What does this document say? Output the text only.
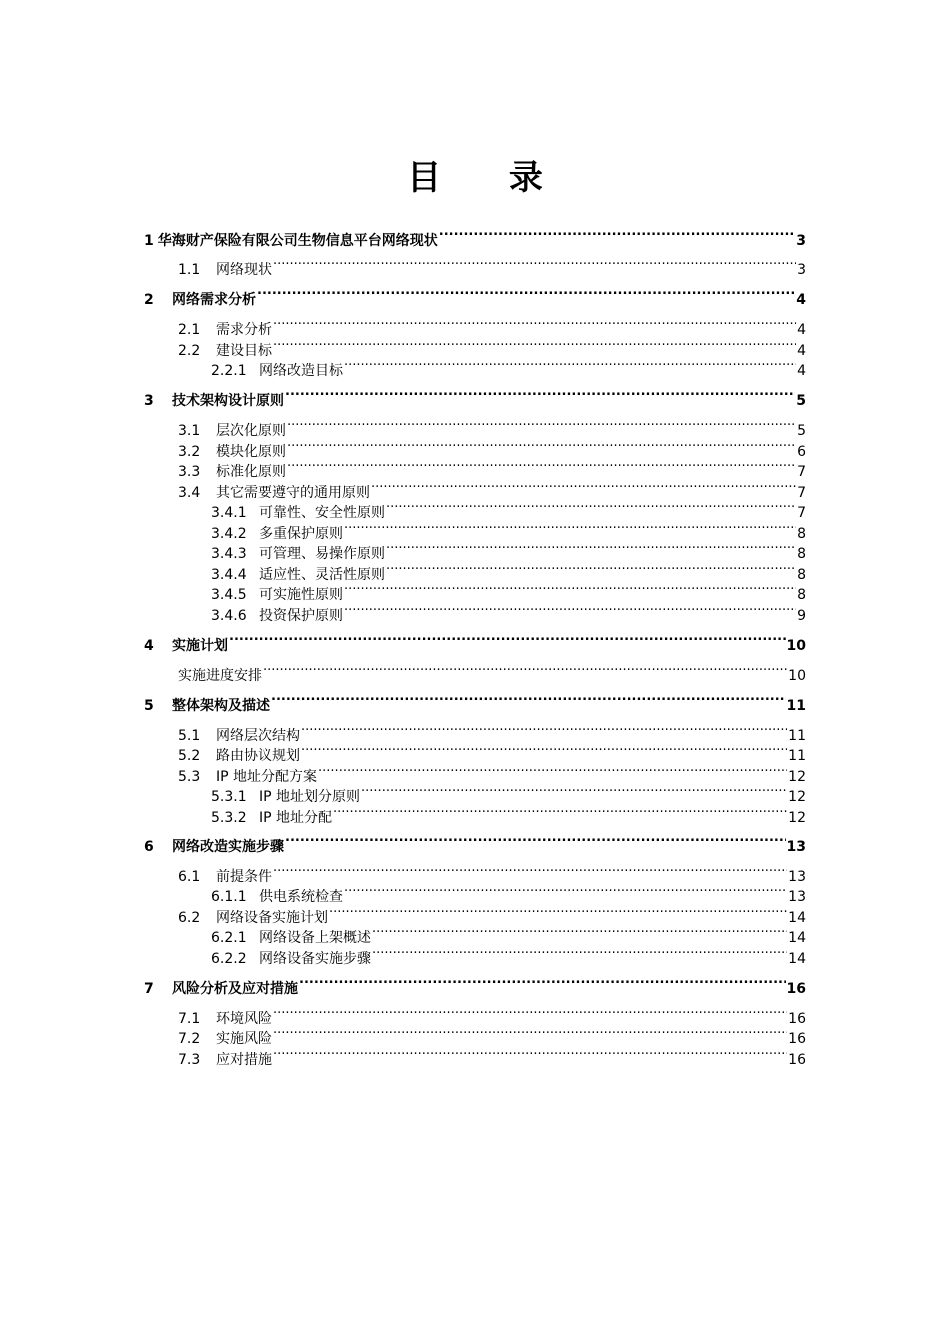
目 录
1 华海财产保险有限公司生物信息平台网络现状 .....	3
1.1	网络现状 .....	3
2	网络需求分析 .....	4
2.1	需求分析 .....	4
2.2	建设目标 .....	4
2.2.1 网络改造目标 .....	4
3	技术架构设计原则 .....	5
3.1	层次化原则 .....	5
3.2	模块化原则 .....	6
3.3	标准化原则 .....	7
3.4	其它需要遵守的通用原则 .....	7
3.4.1 可靠性、安全性原则 .....	7
3.4.2 多重保护原则 .....	8
3.4.3 可管理、易操作原则 .....	8
3.4.4 适应性、灵活性原则 .....	8
3.4.5 可实施性原则 .....	8
3.4.6 投资保护原则 .....	9
4	实施计划 .....	10
实施进度安排 .....	10
5	整体架构及描述 .....	11
5.1	网络层次结构 .....	11
5.2	路由协议规划 .....	11
5.3	IP 地址分配方案 .....	12
5.3.1 IP 地址划分原则 .....	12
5.3.2 IP 地址分配 .....	12
6	网络改造实施步骤 .....	13
6.1	前提条件 .....	13
6.1.1 供电系统检查 .....	13
6.2	网络设备实施计划 .....	14
6.2.1 网络设备上架概述 .....	14
6.2.2 网络设备实施步骤 .....	14
7	风险分析及应对措施 .....	16
7.1	环境风险 .....	16
7.2	实施风险 .....	16
7.3	应对措施 .....	16
